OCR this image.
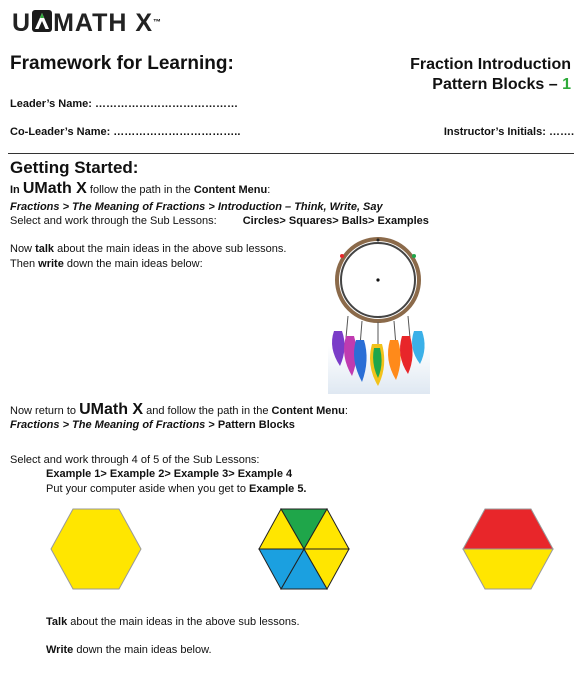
U MATH X™
Framework for Learning:	Fraction Introduction
Pattern Blocks – 1
Leader’s Name: …………………………………
Co-Leader’s Name: ……………………………..	Instructor’s Initials: …….
Getting Started:
In UMath X follow the path in the Content Menu:
Fractions > The Meaning of Fractions > Introduction – Think, Write, Say
Select and work through the Sub Lessons: Circles> Squares> Balls> Examples
Now talk about the main ideas in the above sub lessons.
Then write down the main ideas below:
Now return to UMath X and follow the path in the Content Menu:
Fractions > The Meaning of Fractions > Pattern Blocks
Select and work through 4 of 5 of the Sub Lessons:
Example 1> Example 2> Example 3> Example 4
Put your computer aside when you get to Example 5.
Talk about the main ideas in the above sub lessons.
Write down the main ideas below.
